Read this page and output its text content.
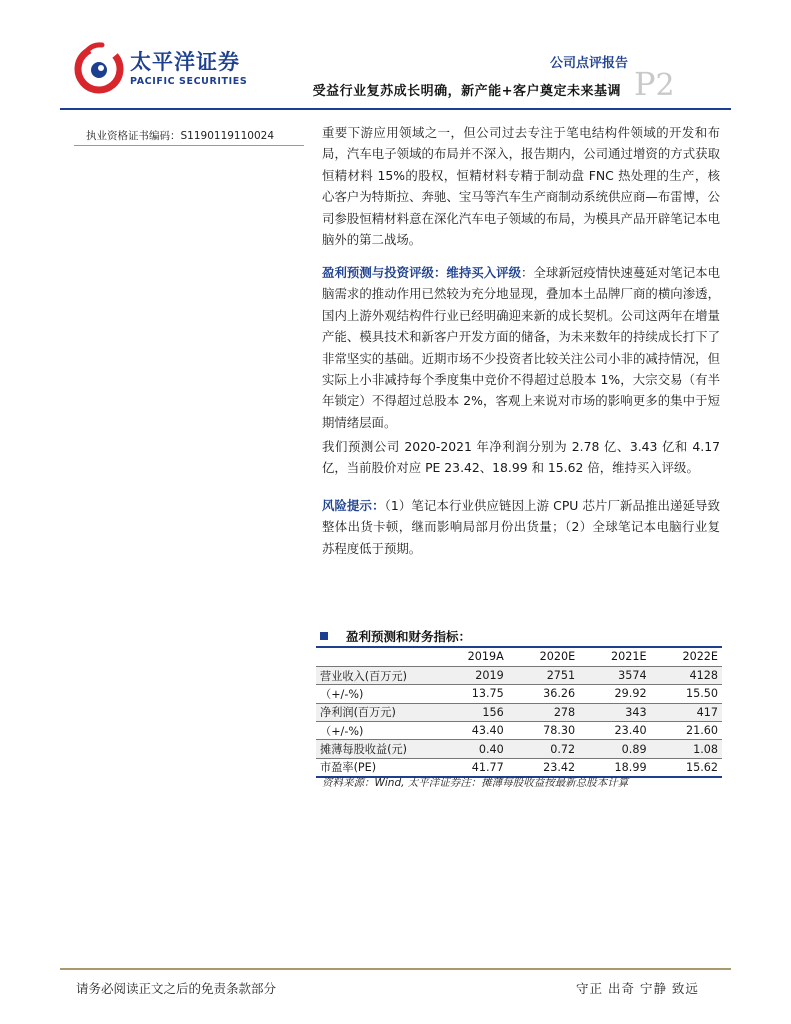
太平洋证券
PACIFIC SECURITIES
公司点评报告
受益行业复苏成长明确，新产能+客户奠定未来基调 P2
执业资格证书编码：S1190119110024	重要下游应用领域之一，但公司过去专注于笔电结构件领域的开发和布局，汽车电子领域的布局并不深入，报告期内，公司通过增资的方式获取恒精材料 15%的股权，恒精材料专精于制动盘 FNC 热处理的生产，核心客户为特斯拉、奔驰、宝马等汽车生产商制动系统供应商—布雷博，公司参股恒精材料意在深化汽车电子领域的布局，为模具产品开辟笔记本电脑外的第二战场。
盈利预测与投资评级：维持买入评级：全球新冠疫情快速蔓延对笔记本电脑需求的推动作用已然较为充分地显现，叠加本土品牌厂商的横向渗透，国内上游外观结构件行业已经明确迎来新的成长契机。公司这两年在增量产能、模具技术和新客户开发方面的储备，为未来数年的持续成长打下了非常坚实的基础。近期市场不少投资者比较关注公司小非的减持情况，但实际上小非减持每个季度集中竞价不得超过总股本 1%，大宗交易（有半年锁定）不得超过总股本 2%，客观上来说对市场的影响更多的集中于短期情绪层面。
我们预测公司 2020-2021 年净利润分别为 2.78 亿、3.43 亿和 4.17 亿，当前股价对应 PE 23.42、18.99 和 15.62 倍，维持买入评级。
风险提示：（1）笔记本行业供应链因上游 CPU 芯片厂新品推出递延导致整体出货卡顿，继而影响局部月份出货量；（2）全球笔记本电脑行业复苏程度低于预期。
盈利预测和财务指标：
	2019A	2020E	2021E	2022E
营业收入(百万元)	2019	2751	3574	4128
（+/-%)	13.75	36.26	29.92	15.50
净利润(百万元)	156	278	343	417
（+/-%)	43.40	78.30	23.40	21.60
摊薄每股收益(元)	0.40	0.72	0.89	1.08
市盈率(PE)	41.77	23.42	18.99	15.62
资料来源：Wind, 太平洋证券注：摊薄每股收益按最新总股本计算
请务必阅读正文之后的免责条款部分	守正 出奇 宁静 致远
